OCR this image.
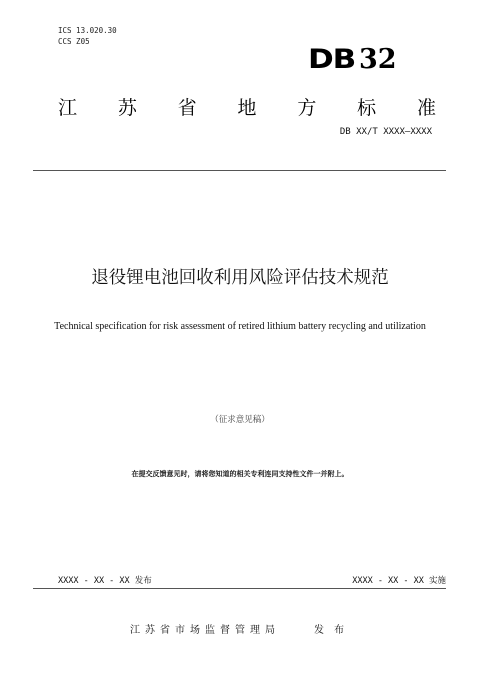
ICS 13.020.30
CCS Z05
DB 32
江 苏 省 地 方 标 准
DB XX/T XXXX—XXXX
退役锂电池回收利用风险评估技术规范
Technical specification for risk assessment of retired lithium battery recycling and utilization
（征求意见稿）
在提交反馈意见时，请将您知道的相关专利连同支持性文件一并附上。
XXXX - XX - XX 发布	XXXX - XX - XX 实施
江苏省市场监督管理局	发布
